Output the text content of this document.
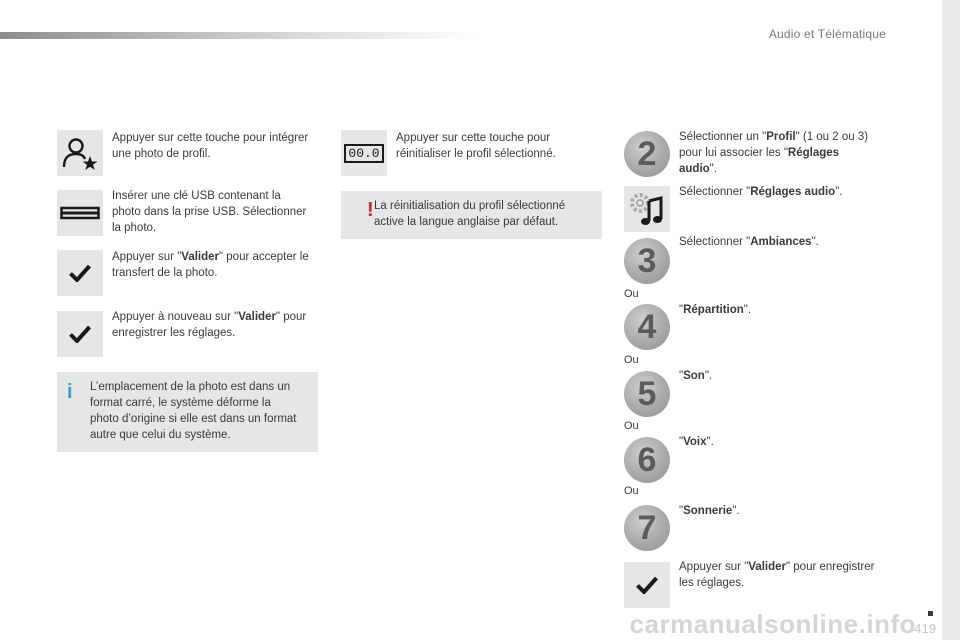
Audio et Télématique
Appuyer sur cette touche pour intégrer une photo de profil.
Insérer une clé USB contenant la photo dans la prise USB. Sélectionner la photo.
Appuyer sur "Valider" pour accepter le transfert de la photo.
Appuyer à nouveau sur "Valider" pour enregistrer les réglages.
i L’emplacement de la photo est dans un format carré, le système déforme la photo d’origine si elle est dans un format autre que celui du système.
00.0
Appuyer sur cette touche pour réinitialiser le profil sélectionné.
! La réinitialisation du profil sélectionné active la langue anglaise par défaut.
2	Sélectionner un "Profil" (1 ou 2 ou 3) pour lui associer les "Réglages audio".
Sélectionner "Réglages audio".
3	Sélectionner "Ambiances".
Ou
4	"Répartition".
Ou
5	"Son".
Ou
6	"Voix".
Ou
7	"Sonnerie".
Appuyer sur "Valider" pour enregistrer les réglages.
carmanualsonline.info
419
